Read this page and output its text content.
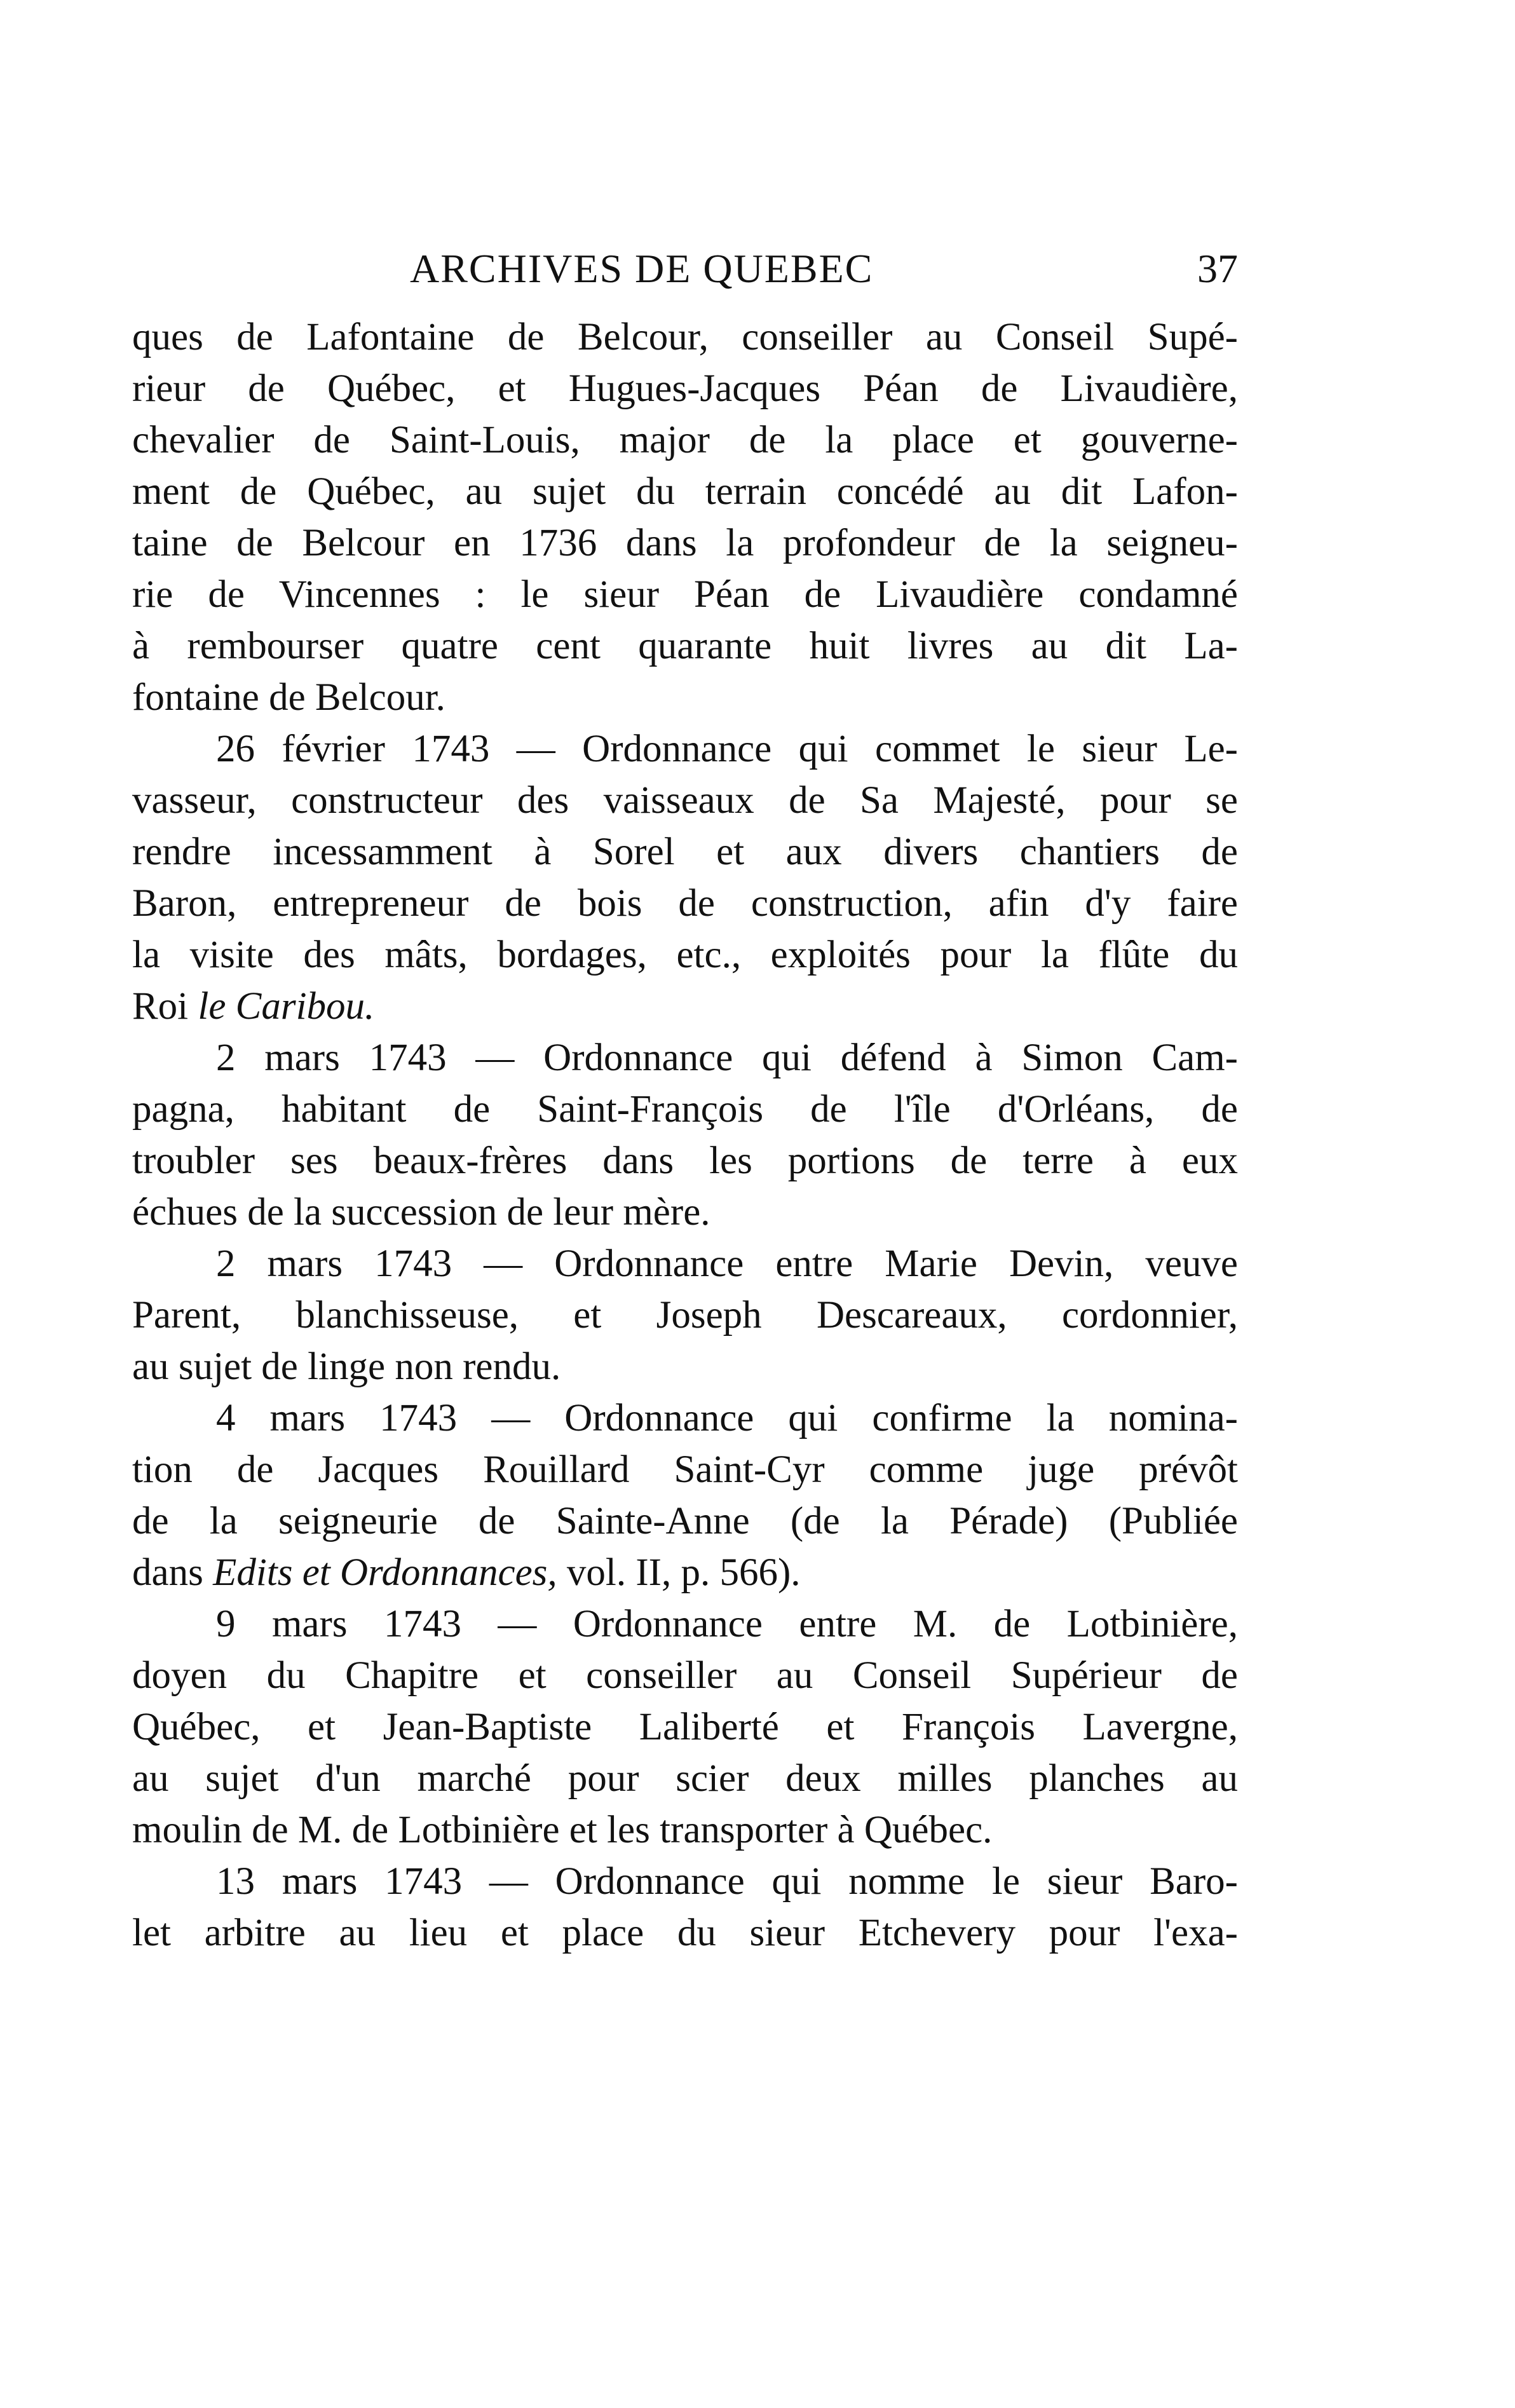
ARCHIVES DE QUEBEC	37
ques de Lafontaine de Belcour, conseiller au Conseil Supé-
rieur de Québec, et Hugues-Jacques Péan de Livaudière,
chevalier de Saint-Louis, major de la place et gouverne-
ment de Québec, au sujet du terrain concédé au dit Lafon-
taine de Belcour en 1736 dans la profondeur de la seigneu-
rie de Vincennes : le sieur Péan de Livaudière condamné
à rembourser quatre cent quarante huit livres au dit La-
fontaine de Belcour.
26 février 1743 — Ordonnance qui commet le sieur Le-
vasseur, constructeur des vaisseaux de Sa Majesté, pour se
rendre incessamment à Sorel et aux divers chantiers de
Baron, entrepreneur de bois de construction, afin d'y faire
la visite des mâts, bordages, etc., exploités pour la flûte du
Roi le Caribou.
2 mars 1743 — Ordonnance qui défend à Simon Cam-
pagna, habitant de Saint-François de l'île d'Orléans, de
troubler ses beaux-frères dans les portions de terre à eux
échues de la succession de leur mère.
2 mars 1743 — Ordonnance entre Marie Devin, veuve
Parent, blanchisseuse, et Joseph Descareaux, cordonnier,
au sujet de linge non rendu.
4 mars 1743 — Ordonnance qui confirme la nomina-
tion de Jacques Rouillard Saint-Cyr comme juge prévôt
de la seigneurie de Sainte-Anne (de la Pérade) (Publiée
dans Edits et Ordonnances, vol. II, p. 566).
9 mars 1743 — Ordonnance entre M. de Lotbinière,
doyen du Chapitre et conseiller au Conseil Supérieur de
Québec, et Jean-Baptiste Laliberté et François Lavergne,
au sujet d'un marché pour scier deux milles planches au
moulin de M. de Lotbinière et les transporter à Québec.
13 mars 1743 — Ordonnance qui nomme le sieur Barо-
let arbitre au lieu et place du sieur Etchevery pour l'exa-
